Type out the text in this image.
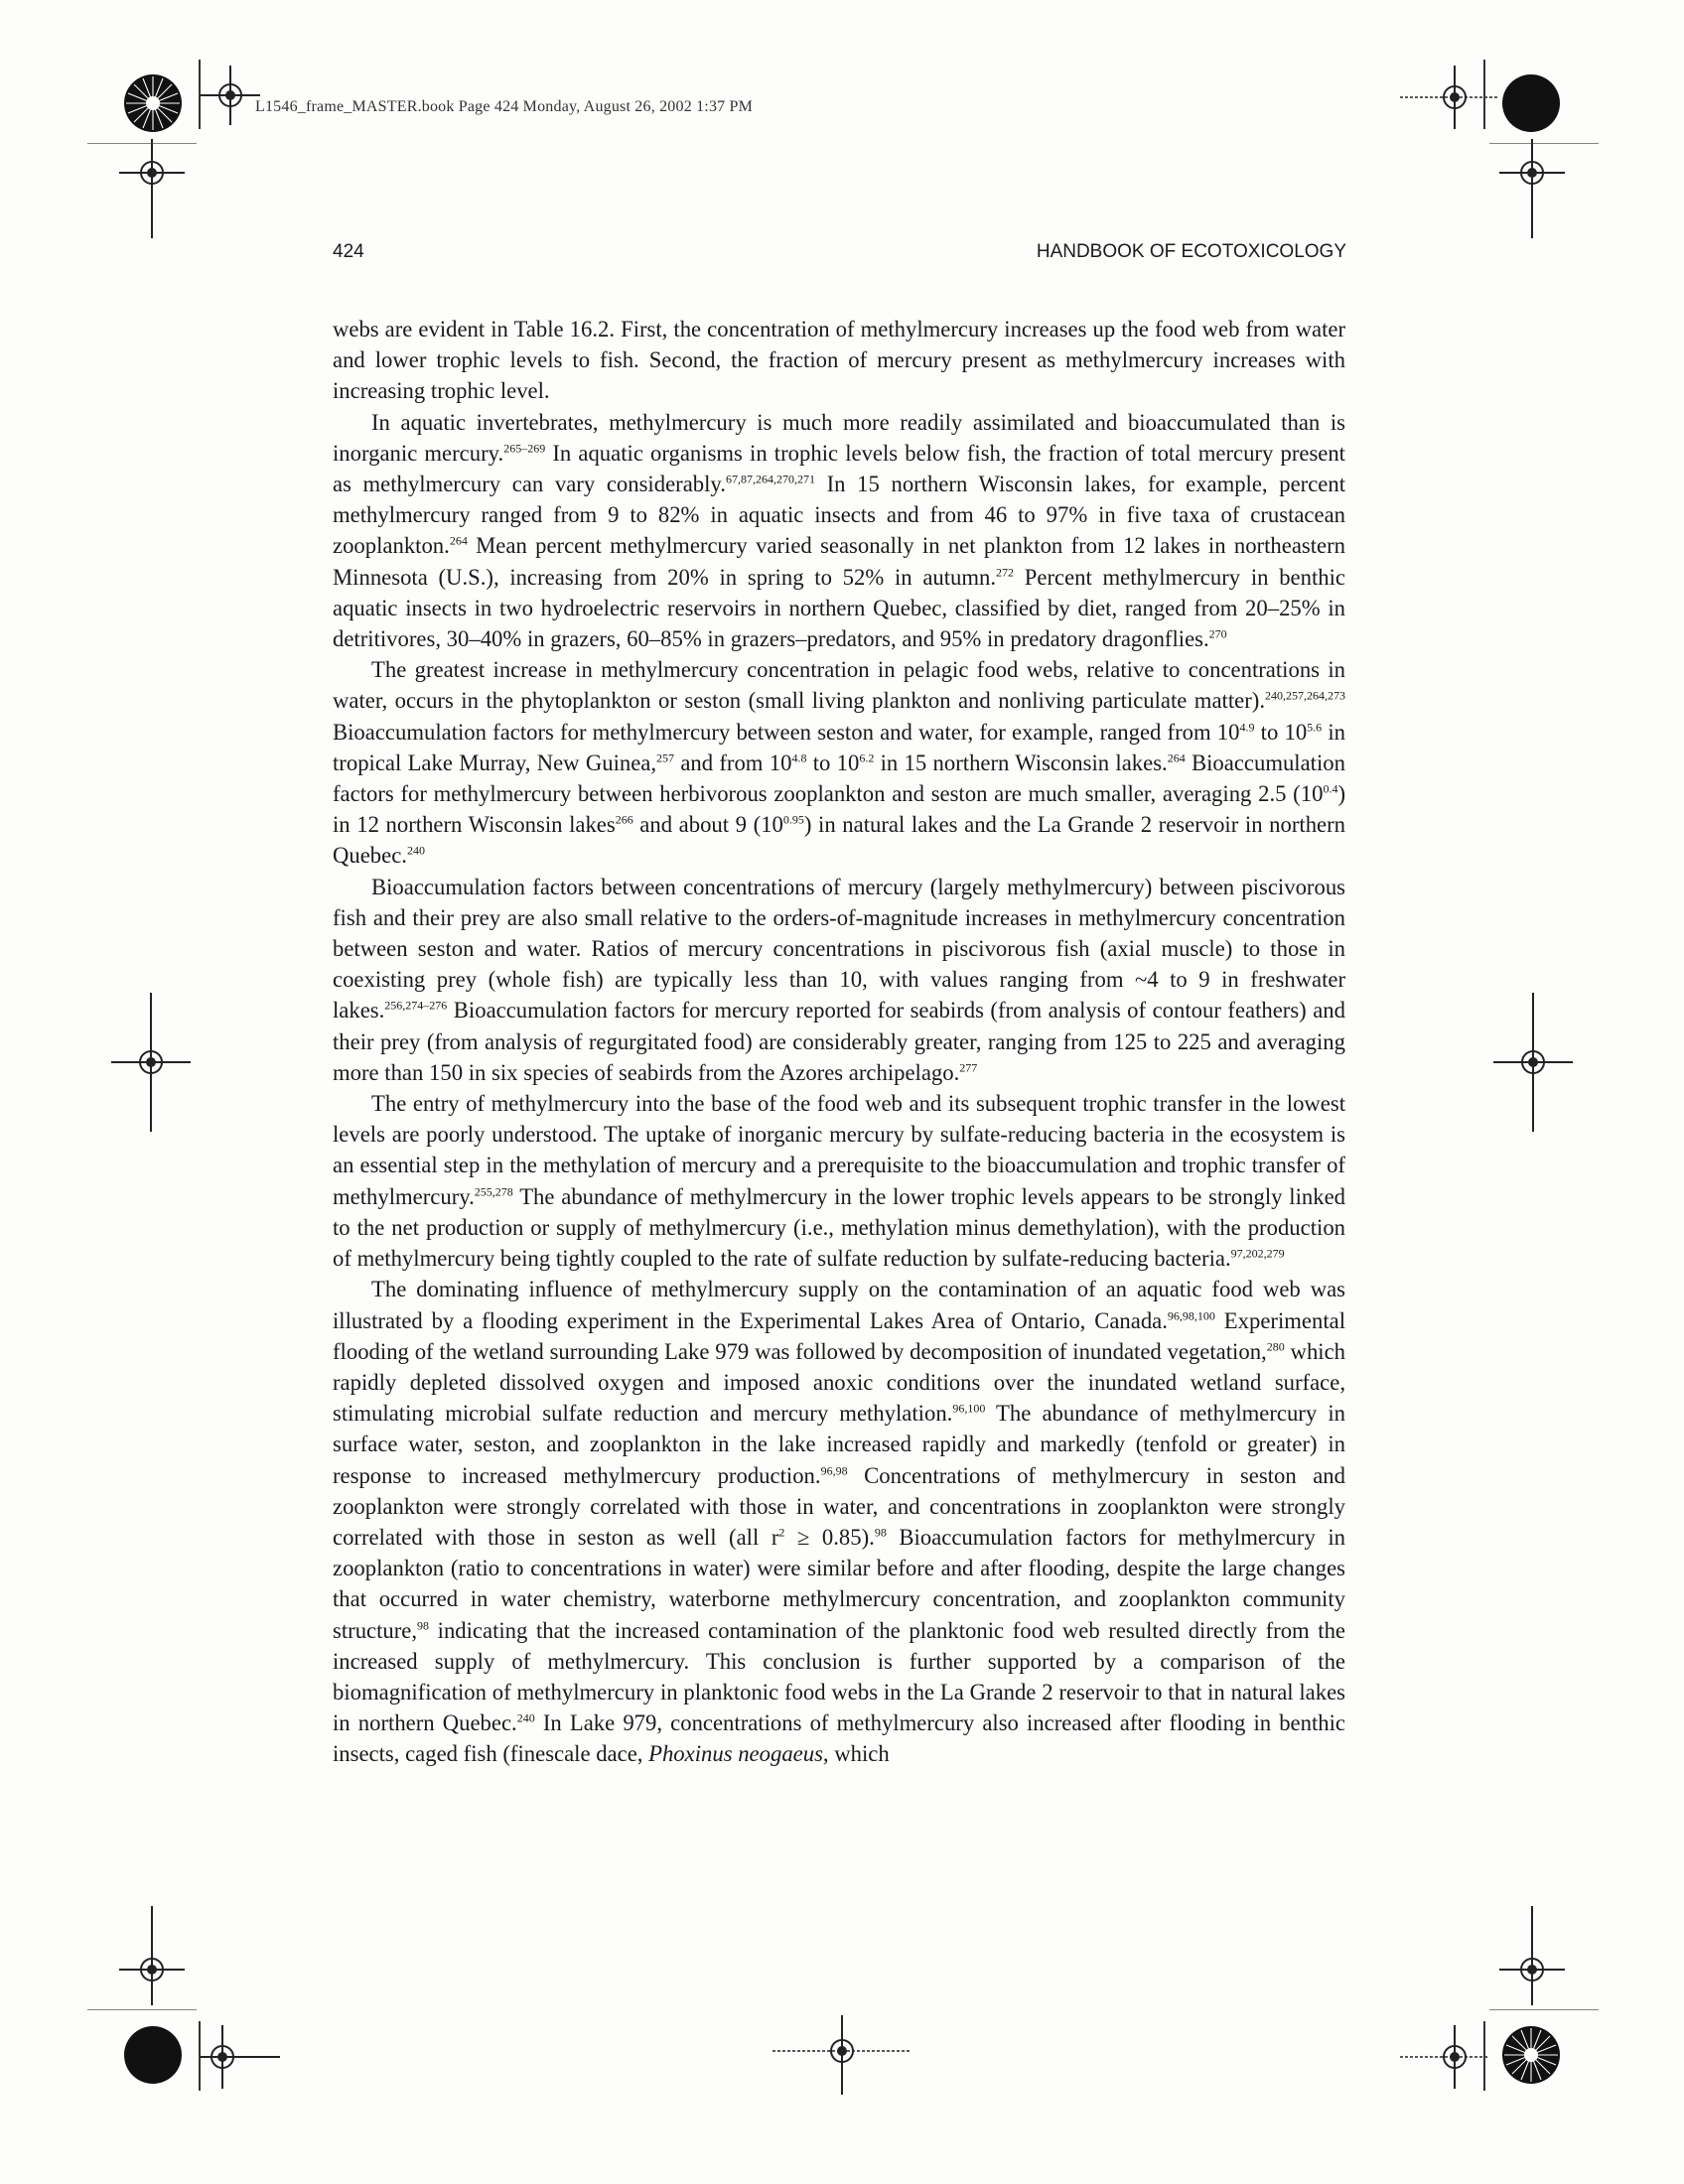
L1546_frame_MASTER.book Page 424 Monday, August 26, 2002 1:37 PM
424	HANDBOOK OF ECOTOXICOLOGY

webs are evident in Table 16.2. First, the concentration of methylmercury increases up the food web from water and lower trophic levels to fish. Second, the fraction of mercury present as methylmercury increases with increasing trophic level.

In aquatic invertebrates, methylmercury is much more readily assimilated and bioaccumulated than is inorganic mercury.$^{265-269}$ In aquatic organisms in trophic levels below fish, the fraction of total mercury present as methylmercury can vary considerably.$^{67,87,264,270,271}$ In 15 northern Wisconsin lakes, for example, percent methylmercury ranged from 9 to 82% in aquatic insects and from 46 to 97% in five taxa of crustacean zooplankton.$^{264}$ Mean percent methylmercury varied seasonally in net plankton from 12 lakes in northeastern Minnesota (U.S.), increasing from 20% in spring to 52% in autumn.$^{272}$ Percent methylmercury in benthic aquatic insects in two hydroelectric reservoirs in northern Quebec, classified by diet, ranged from 20–25% in detritivores, 30–40% in grazers, 60–85% in grazers–predators, and 95% in predatory dragonflies.$^{270}$

The greatest increase in methylmercury concentration in pelagic food webs, relative to concentrations in water, occurs in the phytoplankton or seston (small living plankton and nonliving particulate matter).$^{240,257,264,273}$ Bioaccumulation factors for methylmercury between seston and water, for example, ranged from $10^{4.9}$ to $10^{5.6}$ in tropical Lake Murray, New Guinea,$^{257}$ and from $10^{4.8}$ to $10^{6.2}$ in 15 northern Wisconsin lakes.$^{264}$ Bioaccumulation factors for methylmercury between herbivorous zooplankton and seston are much smaller, averaging 2.5 $(10^{0.4})$ in 12 northern Wisconsin lakes$^{266}$ and about 9 $(10^{0.95})$ in natural lakes and the La Grande 2 reservoir in northern Quebec.$^{240}$

Bioaccumulation factors between concentrations of mercury (largely methylmercury) between piscivorous fish and their prey are also small relative to the orders-of-magnitude increases in methylmercury concentration between seston and water. Ratios of mercury concentrations in piscivorous fish (axial muscle) to those in coexisting prey (whole fish) are typically less than 10, with values ranging from ~4 to 9 in freshwater lakes.$^{256,274-276}$ Bioaccumulation factors for mercury reported for seabirds (from analysis of contour feathers) and their prey (from analysis of regurgitated food) are considerably greater, ranging from 125 to 225 and averaging more than 150 in six species of seabirds from the Azores archipelago.$^{277}$

The entry of methylmercury into the base of the food web and its subsequent trophic transfer in the lowest levels are poorly understood. The uptake of inorganic mercury by sulfate-reducing bacteria in the ecosystem is an essential step in the methylation of mercury and a prerequisite to the bioaccumulation and trophic transfer of methylmercury.$^{255,278}$ The abundance of methylmercury in the lower trophic levels appears to be strongly linked to the net production or supply of methylmercury (i.e., methylation minus demethylation), with the production of methylmercury being tightly coupled to the rate of sulfate reduction by sulfate-reducing bacteria.$^{97,202,279}$

The dominating influence of methylmercury supply on the contamination of an aquatic food web was illustrated by a flooding experiment in the Experimental Lakes Area of Ontario, Canada.$^{96,98,100}$ Experimental flooding of the wetland surrounding Lake 979 was followed by decomposition of inundated vegetation,$^{280}$ which rapidly depleted dissolved oxygen and imposed anoxic conditions over the inundated wetland surface, stimulating microbial sulfate reduction and mercury methylation.$^{96,100}$ The abundance of methylmercury in surface water, seston, and zooplankton in the lake increased rapidly and markedly (tenfold or greater) in response to increased methylmercury production.$^{96,98}$ Concentrations of methylmercury in seston and zooplankton were strongly correlated with those in water, and concentrations in zooplankton were strongly correlated with those in seston as well (all $r^2 \ge 0.85).^{98}$ Bioaccumulation factors for methylmercury in zooplankton (ratio to concentrations in water) were similar before and after flooding, despite the large changes that occurred in water chemistry, waterborne methylmercury concentration, and zooplankton community structure,$^{98}$ indicating that the increased contamination of the planktonic food web resulted directly from the increased supply of methylmercury. This conclusion is further supported by a comparison of the biomagnification of methylmercury in planktonic food webs in the La Grande 2 reservoir to that in natural lakes in northern Quebec.$^{240}$ In Lake 979, concentrations of methylmercury also increased after flooding in benthic insects, caged fish (finescale dace, Phoxinus neogaeus, which
